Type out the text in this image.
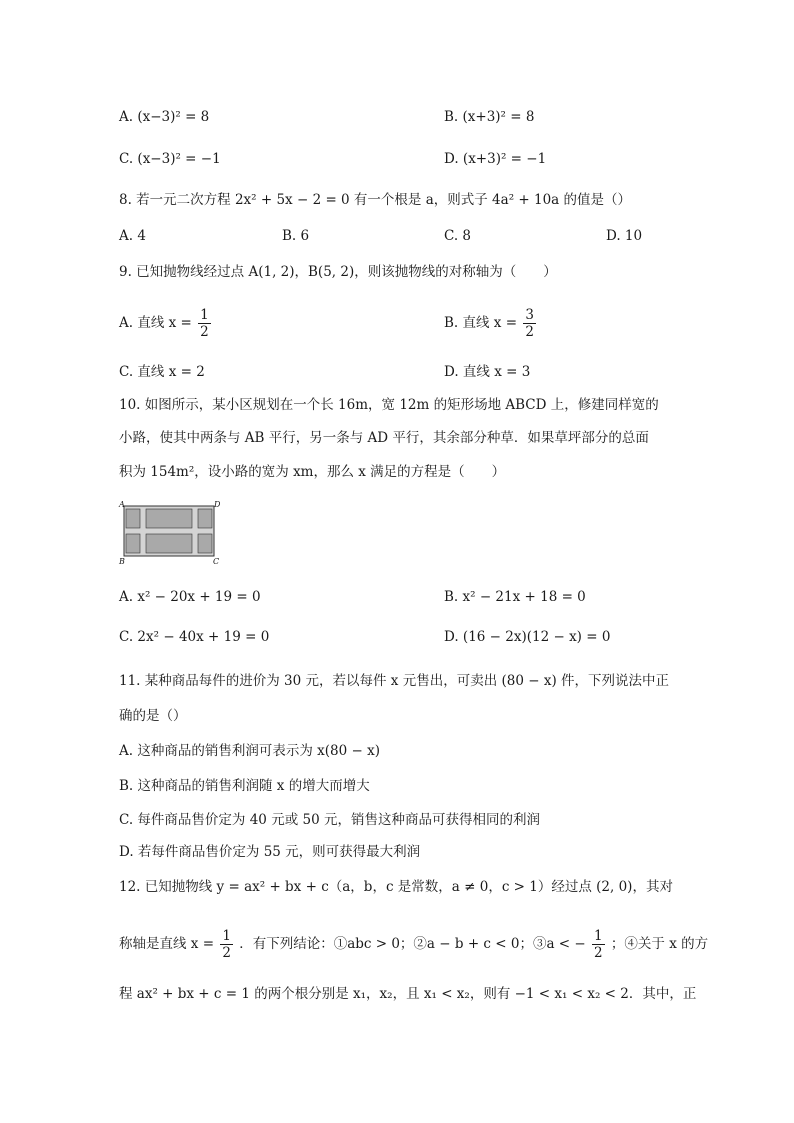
A. (x−3)² = 8	B. (x+3)² = 8
C. (x−3)² = −1	D. (x+3)² = −1
8. 若一元二次方程 2x² + 5x − 2 = 0 有一个根是 a，则式子 4a² + 10a 的值是（）
A. 4	B. 6	C. 8	D. 10
9. 已知抛物线经过点 A(1, 2)，B(5, 2)，则该抛物线的对称轴为（　　）
A. 直线 $x = \frac{1}{2}$	B. 直线 $x = \frac{3}{2}$
C. 直线 x = 2	D. 直线 x = 3
10. 如图所示，某小区规划在一个长 16m，宽 12m 的矩形场地 ABCD 上，修建同样宽的
小路，使其中两条与 AB 平行，另一条与 AD 平行，其余部分种草．如果草坪部分的总面
积为 154m²，设小路的宽为 xm，那么 x 满足的方程是（　　）
A	D
B	C
A. x² − 20x + 19 = 0	B. x² − 21x + 18 = 0
C. 2x² − 40x + 19 = 0	D. (16 − 2x)(12 − x) = 0
11. 某种商品每件的进价为 30 元，若以每件 x 元售出，可卖出 (80 − x) 件，下列说法中正
确的是（）
A. 这种商品的销售利润可表示为 x(80 − x)
B. 这种商品的销售利润随 x 的增大而增大
C. 每件商品售价定为 40 元或 50 元，销售这种商品可获得相同的利润
D. 若每件商品售价定为 55 元，则可获得最大利润
12. 已知抛物线 y = ax² + bx + c（a，b，c 是常数，a ≠ 0，c > 1）经过点 (2, 0)，其对
称轴是直线 $x = \frac{1}{2}$ ．有下列结论：①abc > 0；②a − b + c < 0；③a < − $\frac{1}{2}$ ；④关于 x 的方
程 ax² + bx + c = 1 的两个根分别是 x₁，x₂，且 x₁ < x₂，则有 −1 < x₁ < x₂ < 2．其中，正
